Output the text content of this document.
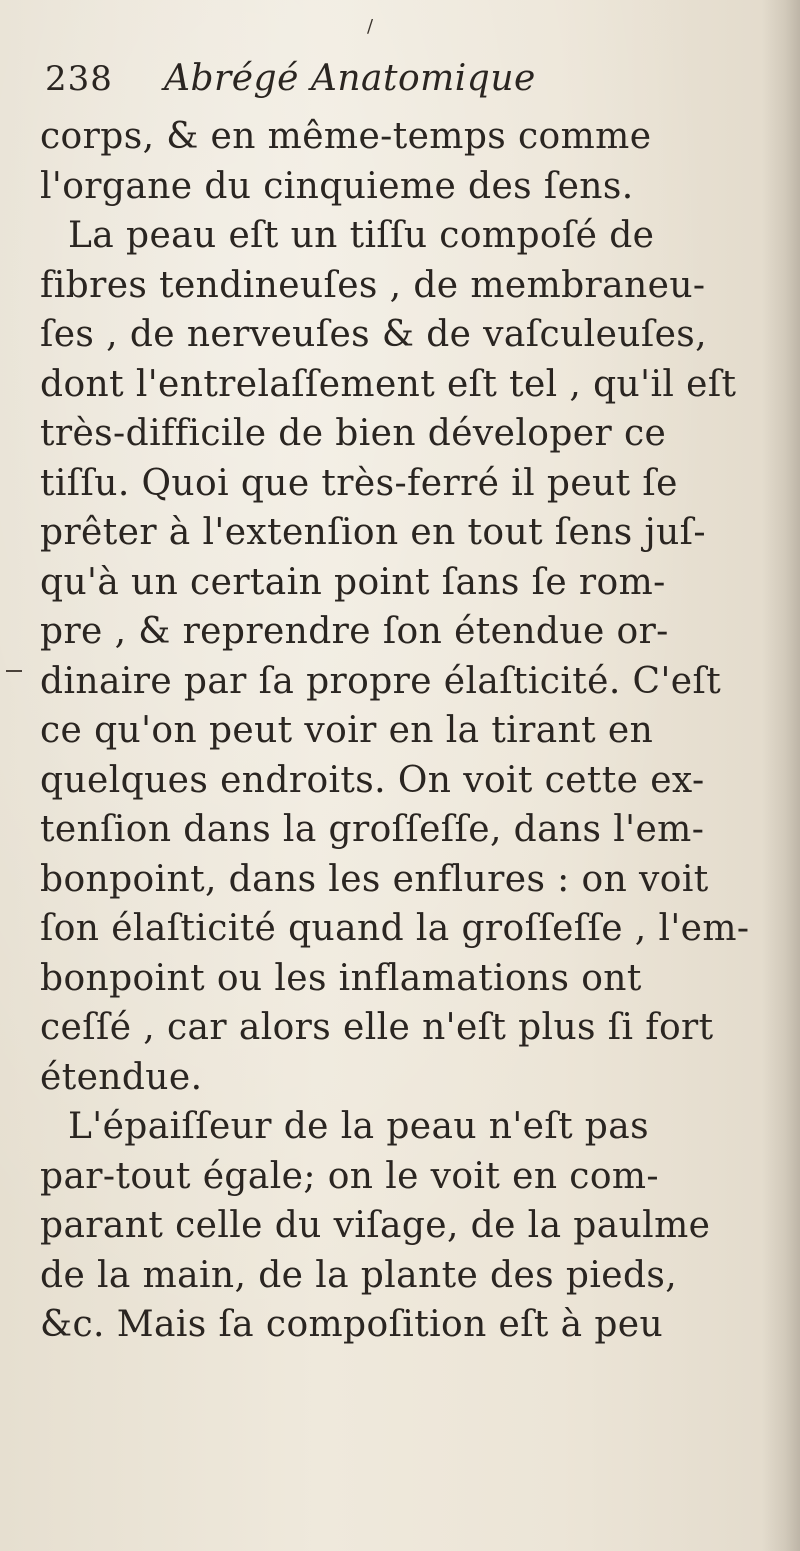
/
238 Abrégé Anatomique
corps, & en même-temps comme
l'organe du cinquieme des ſens.
La peau eſt un tiſſu compoſé de
fibres tendineuſes , de membraneu-
ſes , de nerveuſes & de vaſculeuſes,
dont l'entrelaſſement eſt tel , qu'il eſt
très-difficile de bien déveloper ce
tiſſu. Quoi que très-ferré il peut ſe
prêter à l'extenſion en tout ſens juſ-
qu'à un certain point ſans ſe rom-
pre , & reprendre ſon étendue or-
dinaire par ſa propre élaſticité. C'eſt
ce qu'on peut voir en la tirant en
quelques endroits. On voit cette ex-
tenſion dans la groſſeſſe, dans l'em-
bonpoint, dans les enflures : on voit
ſon élaſticité quand la groſſeſſe , l'em-
bonpoint ou les inflamations ont
ceſſé , car alors elle n'eſt plus ſi fort
étendue.
L'épaiſſeur de la peau n'eſt pas
par-tout égale; on le voit en com-
parant celle du viſage, de la paulme
de la main, de la plante des pieds,
&c. Mais ſa compoſition eſt à peu
